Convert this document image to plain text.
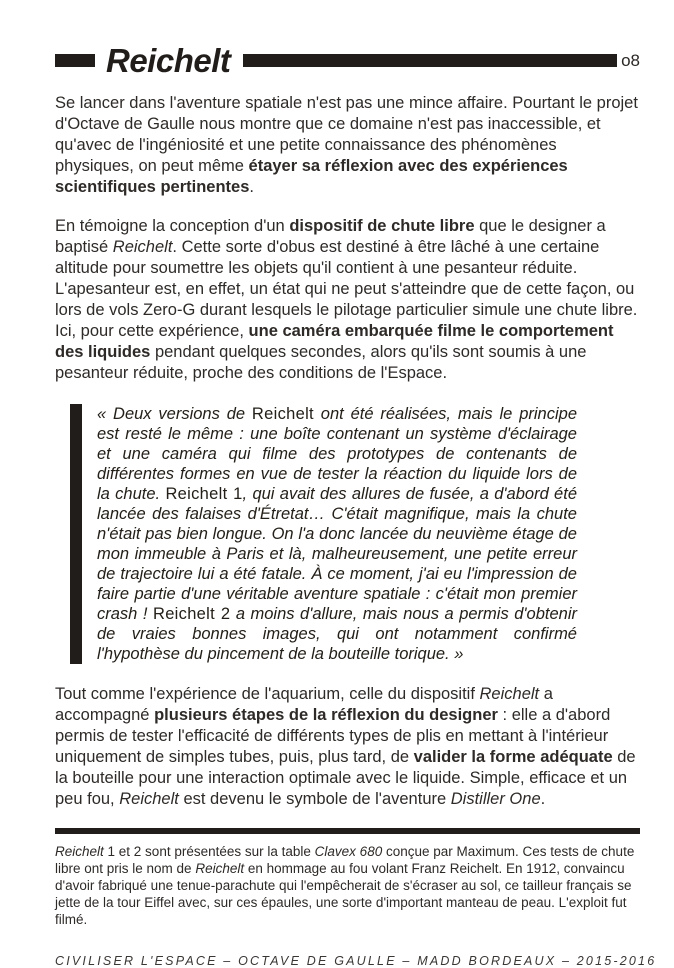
Reichelt	o8

Se lancer dans l'aventure spatiale n'est pas une mince affaire. Pourtant le projet d'Octave de Gaulle nous montre que ce domaine n'est pas inaccessible, et qu'avec de l'ingéniosité et une petite connaissance des phénomènes physiques, on peut même étayer sa réflexion avec des expériences scientifiques pertinentes.

En témoigne la conception d'un dispositif de chute libre que le designer a baptisé Reichelt. Cette sorte d'obus est destiné à être lâché à une certaine altitude pour soumettre les objets qu'il contient à une pesanteur réduite. L'apesanteur est, en effet, un état qui ne peut s'atteindre que de cette façon, ou lors de vols Zero-G durant lesquels le pilotage particulier simule une chute libre. Ici, pour cette expérience, une caméra embarquée filme le comportement des liquides pendant quelques secondes, alors qu'ils sont soumis à une pesanteur réduite, proche des conditions de l'Espace.

« Deux versions de Reichelt ont été réalisées, mais le principe est resté le même : une boîte contenant un système d'éclairage et une caméra qui filme des prototypes de contenants de différentes formes en vue de tester la réaction du liquide lors de la chute. Reichelt 1, qui avait des allures de fusée, a d'abord été lancée des falaises d'Étretat… C'était magnifique, mais la chute n'était pas bien longue. On l'a donc lancée du neuvième étage de mon immeuble à Paris et là, malheureusement, une petite erreur de trajectoire lui a été fatale. À ce moment, j'ai eu l'impression de faire partie d'une véritable aventure spatiale : c'était mon premier crash ! Reichelt 2 a moins d'allure, mais nous a permis d'obtenir de vraies bonnes images, qui ont notamment confirmé l'hypothèse du pincement de la bouteille torique. »

Tout comme l'expérience de l'aquarium, celle du dispositif Reichelt a accompagné plusieurs étapes de la réflexion du designer : elle a d'abord permis de tester l'efficacité de différents types de plis en mettant à l'intérieur uniquement de simples tubes, puis, plus tard, de valider la forme adéquate de la bouteille pour une interaction optimale avec le liquide. Simple, efficace et un peu fou, Reichelt est devenu le symbole de l'aventure Distiller One.

Reichelt 1 et 2 sont présentées sur la table Clavex 680 conçue par Maximum. Ces tests de chute libre ont pris le nom de Reichelt en hommage au fou volant Franz Reichelt. En 1912, convaincu d'avoir fabriqué une tenue-parachute qui l'empêcherait de s'écraser au sol, ce tailleur français se jette de la tour Eiffel avec, sur ces épaules, une sorte d'important manteau de peau. L'exploit fut filmé.

CIVILISER L'ESPACE – OCTAVE DE GAULLE – MADD BORDEAUX – 2015-2016
